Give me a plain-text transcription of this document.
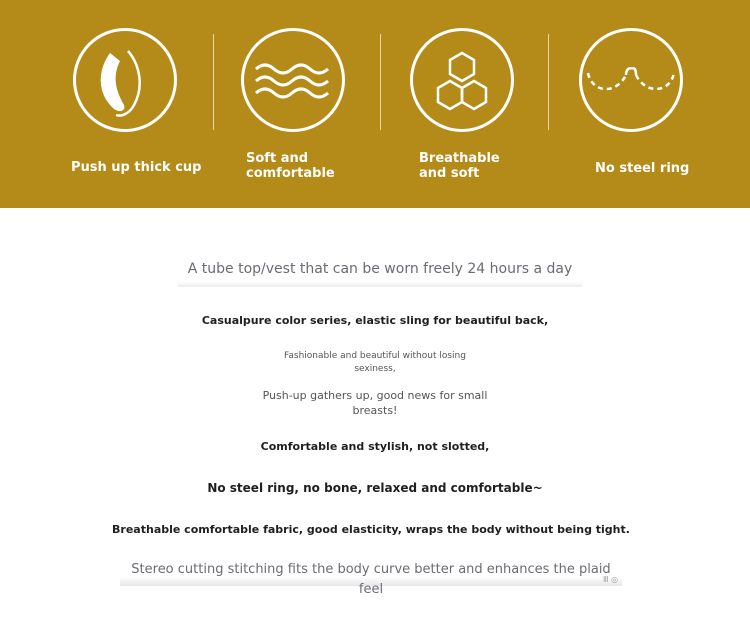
Push up thick cup
Soft and comfortable
Breathable and soft	No steel ring
A tube top/vest that can be worn freely 24 hours a day
Casualpure color series, elastic sling for beautiful back,
Fashionable and beautiful without losing sexiness,
Push-up gathers up, good news for small breasts!
Comfortable and stylish, not slotted,
No steel ring, no bone, relaxed and comfortable~
Breathable comfortable fabric, good elasticity, wraps the body without being tight.
Stereo cutting stitching fits the body curve better and enhances the plaid feel
Ⅲ ◎
